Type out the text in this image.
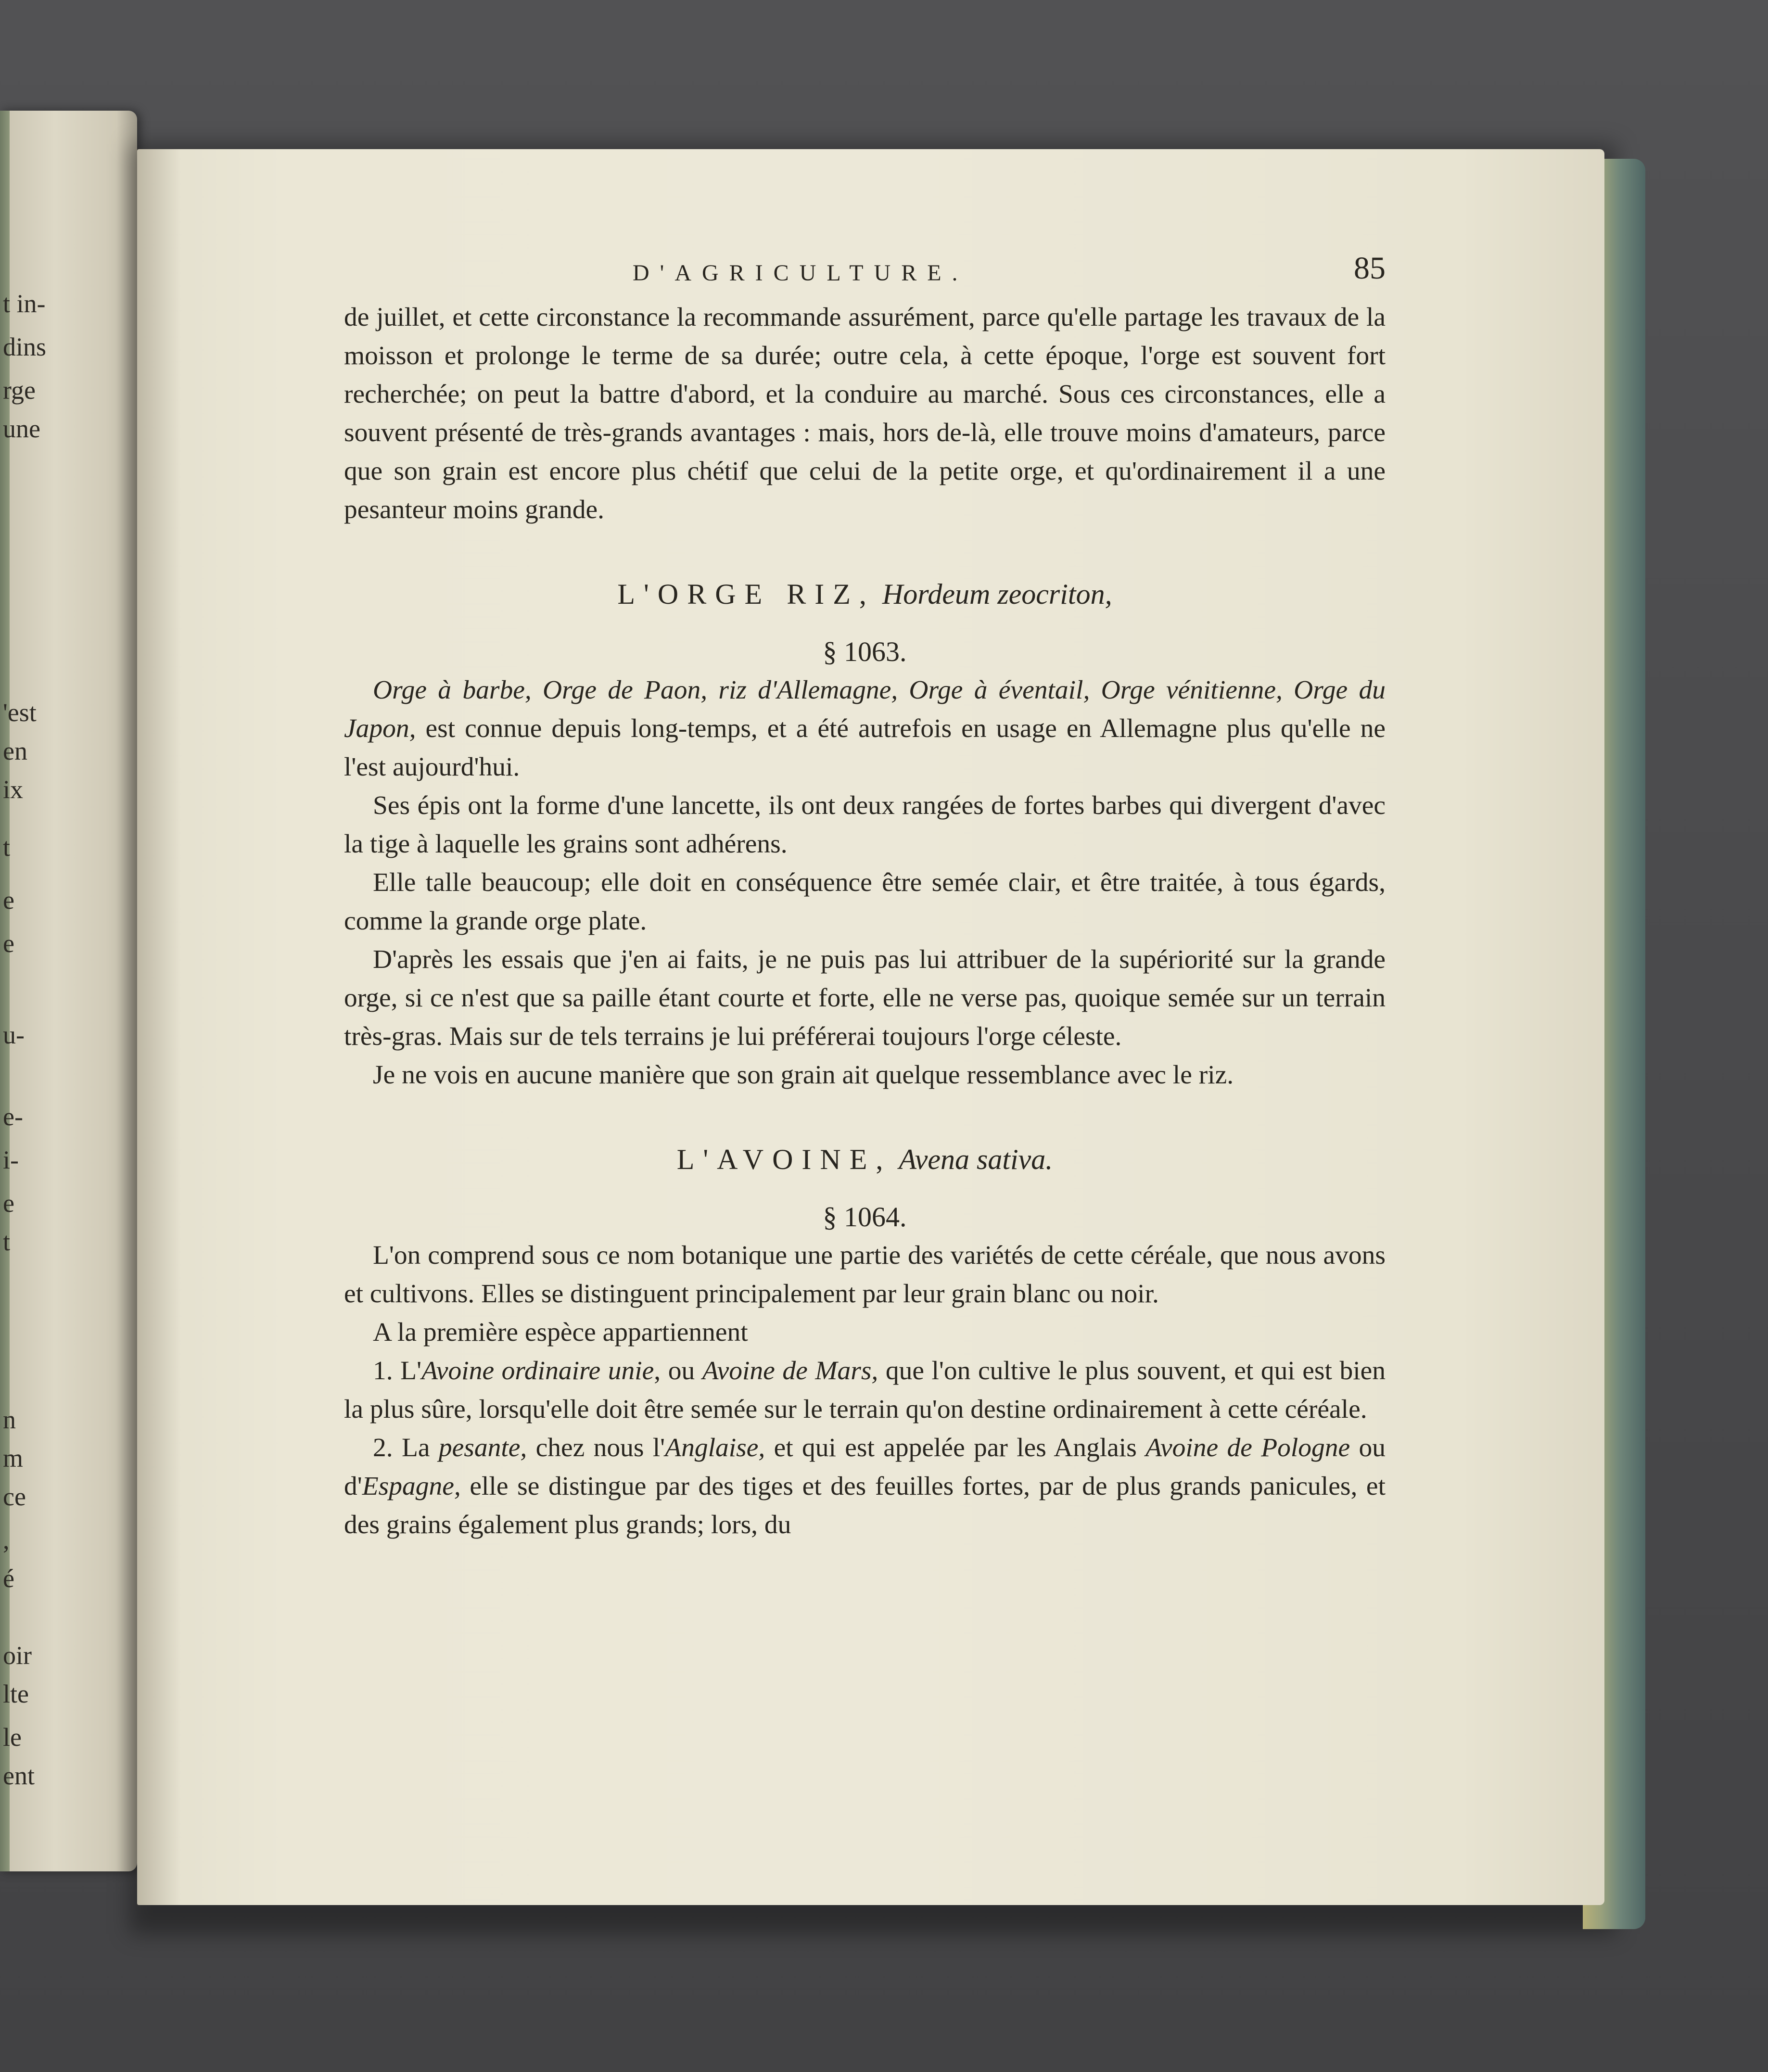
t in-
dins
rge
une
'est
en
ix
t
e
e
u-
e-
i-
e
t
n
m
ce
,
é
oir
lte
le
ent
D'AGRICULTURE.	85

de juillet, et cette circonstance la recommande assurément, parce qu'elle partage les travaux de la moisson et prolonge le terme de sa durée; outre cela, à cette époque, l'orge est souvent fort recherchée; on peut la battre d'abord, et la conduire au marché. Sous ces circonstances, elle a souvent présenté de très-grands avantages : mais, hors de-là, elle trouve moins d'amateurs, parce que son grain est encore plus chétif que celui de la petite orge, et qu'ordinairement il a une pesanteur moins grande.

L'ORGE RIZ, Hordeum zeocriton,
§ 1063.

Orge à barbe, Orge de Paon, riz d'Allemagne, Orge à éventail, Orge vénitienne, Orge du Japon, est connue depuis long-temps, et a été autrefois en usage en Allemagne plus qu'elle ne l'est aujourd'hui.

Ses épis ont la forme d'une lancette, ils ont deux rangées de fortes barbes qui divergent d'avec la tige à laquelle les grains sont adhérens.

Elle talle beaucoup; elle doit en conséquence être semée clair, et être traitée, à tous égards, comme la grande orge plate.

D'après les essais que j'en ai faits, je ne puis pas lui attribuer de la supériorité sur la grande orge, si ce n'est que sa paille étant courte et forte, elle ne verse pas, quoique semée sur un terrain très-gras. Mais sur de tels terrains je lui préférerai toujours l'orge céleste.

Je ne vois en aucune manière que son grain ait quelque ressemblance avec le riz.

L'AVOINE, Avena sativa.
§ 1064.

L'on comprend sous ce nom botanique une partie des variétés de cette céréale, que nous avons et cultivons. Elles se distinguent principalement par leur grain blanc ou noir.

A la première espèce appartiennent

1. L'Avoine ordinaire unie, ou Avoine de Mars, que l'on cultive le plus souvent, et qui est bien la plus sûre, lorsqu'elle doit être semée sur le terrain qu'on destine ordinairement à cette céréale.

2. La pesante, chez nous l'Anglaise, et qui est appelée par les Anglais Avoine de Pologne ou d'Espagne, elle se distingue par des tiges et des feuilles fortes, par de plus grands panicules, et des grains également plus grands; lors, du
